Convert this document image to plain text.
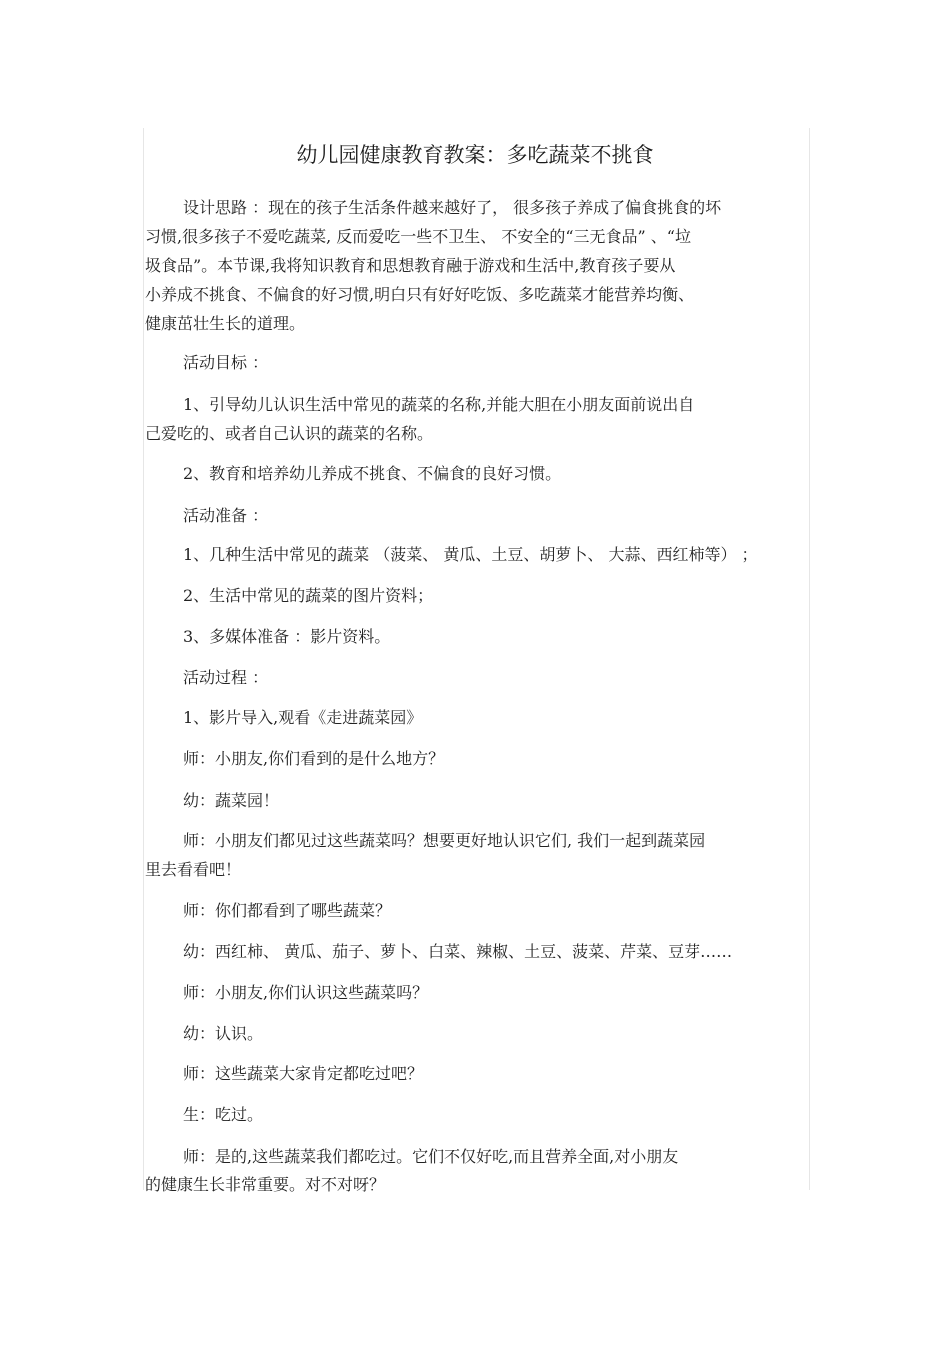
幼儿园健康教育教案：多吃蔬菜不挑食

设计思路 ：现在的孩子生活条件越来越好了， 很多孩子养成了偏食挑食的坏

习惯,很多孩子不爱吃蔬菜, 反而爱吃一些不卫生、 不安全的“三无食品” 、“垃

圾食品”。本节课,我将知识教育和思想教育融于游戏和生活中,教育孩子要从

小养成不挑食、不偏食的好习惯,明白只有好好吃饭、多吃蔬菜才能营养均衡、

健康茁壮生长的道理。

活动目标 ：

1、引导幼儿认识生活中常见的蔬菜的名称,并能大胆在小朋友面前说出自

己爱吃的、或者自己认识的蔬菜的名称。

2、教育和培养幼儿养成不挑食、不偏食的良好习惯。

活动准备 ：

1、几种生活中常见的蔬菜 （菠菜、 黄瓜、土豆、胡萝卜、 大蒜、西红柿等） ；

2、生活中常见的蔬菜的图片资料；

3、多媒体准备 ：影片资料。

活动过程 ：

1、影片导入,观看《走进蔬菜园》

师：小朋友,你们看到的是什么地方？

幼：蔬菜园！

师：小朋友们都见过这些蔬菜吗？想要更好地认识它们, 我们一起到蔬菜园

里去看看吧！

师：你们都看到了哪些蔬菜？

幼：西红柿、 黄瓜、茄子、萝卜、白菜、辣椒、土豆、菠菜、芹菜、豆芽……

师：小朋友,你们认识这些蔬菜吗？

幼：认识。

师：这些蔬菜大家肯定都吃过吧？

生：吃过。

师：是的,这些蔬菜我们都吃过。它们不仅好吃,而且营养全面,对小朋友

的健康生长非常重要。对不对呀？
